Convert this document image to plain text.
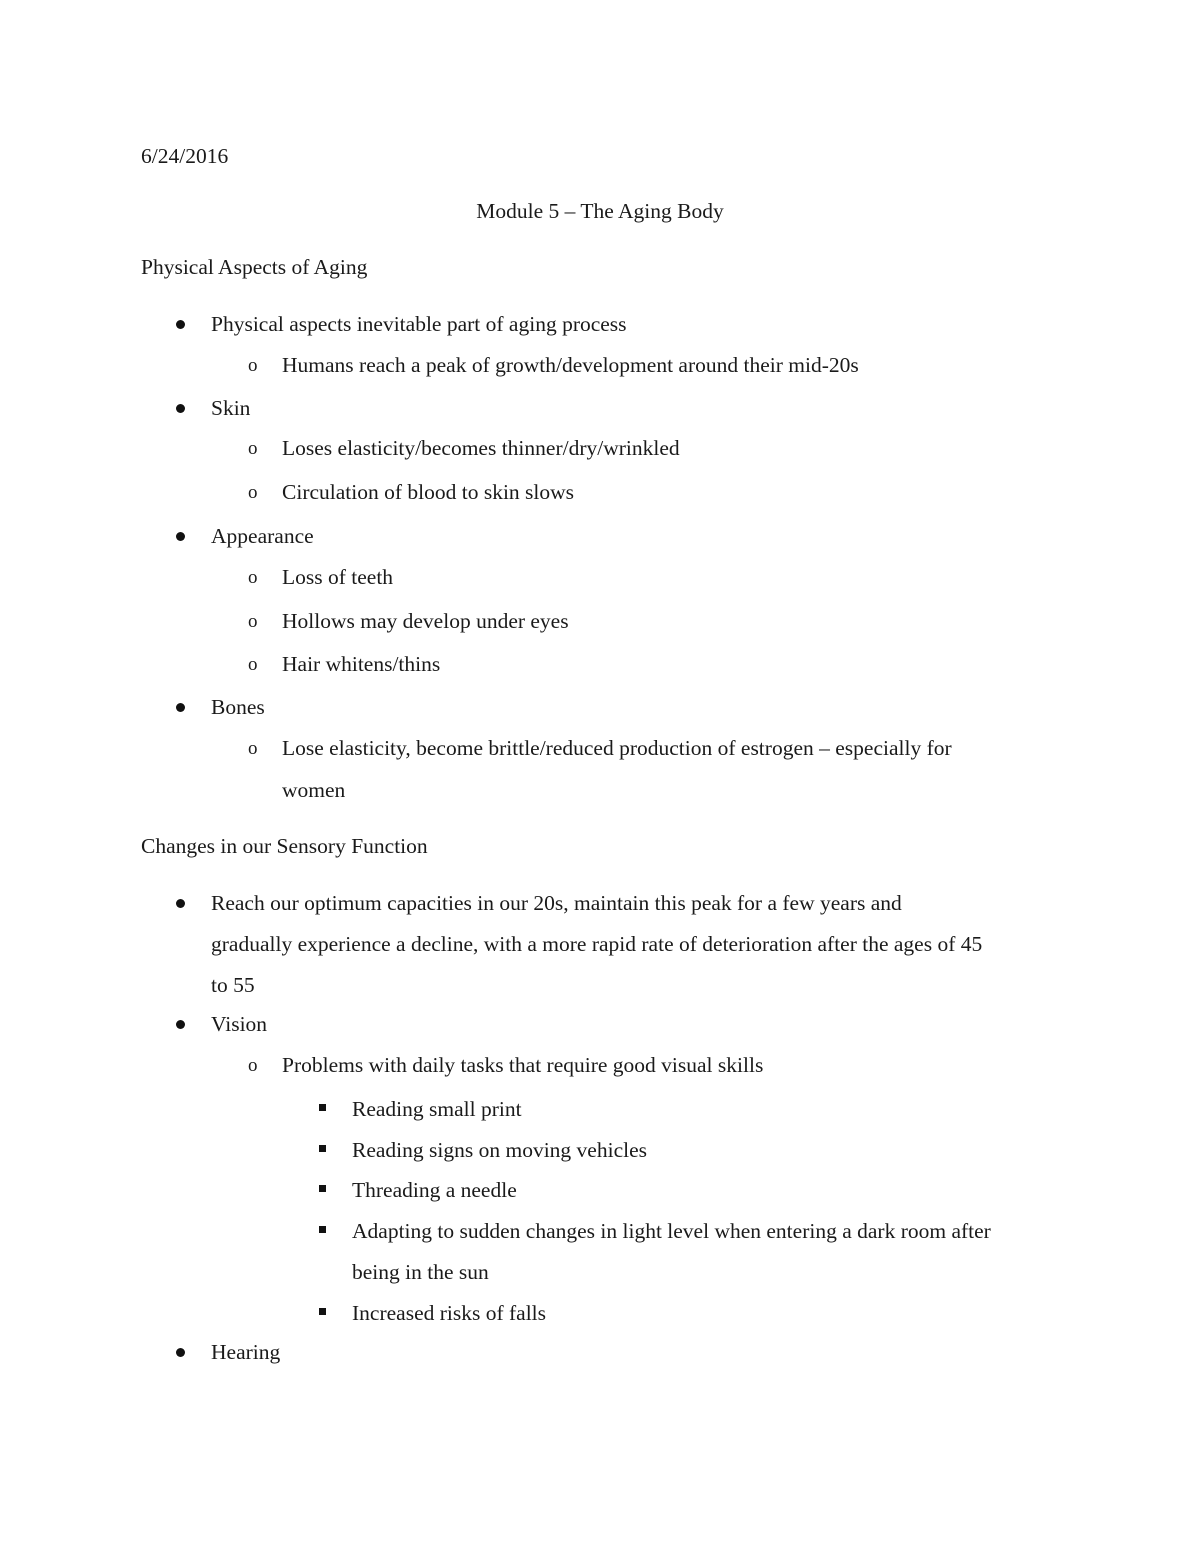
6/24/2016
Module 5 – The Aging Body
Physical Aspects of Aging
Physical aspects inevitable part of aging process
o Humans reach a peak of growth/development around their mid-20s
Skin
o Loses elasticity/becomes thinner/dry/wrinkled
o Circulation of blood to skin slows
Appearance
o Loss of teeth
o Hollows may develop under eyes
o Hair whitens/thins
Bones
o Lose elasticity, become brittle/reduced production of estrogen – especially for
women
Changes in our Sensory Function
Reach our optimum capacities in our 20s, maintain this peak for a few years and
gradually experience a decline, with a more rapid rate of deterioration after the ages of 45
to 55
Vision
o Problems with daily tasks that require good visual skills
Reading small print
Reading signs on moving vehicles
Threading a needle
Adapting to sudden changes in light level when entering a dark room after
being in the sun
Increased risks of falls
Hearing
